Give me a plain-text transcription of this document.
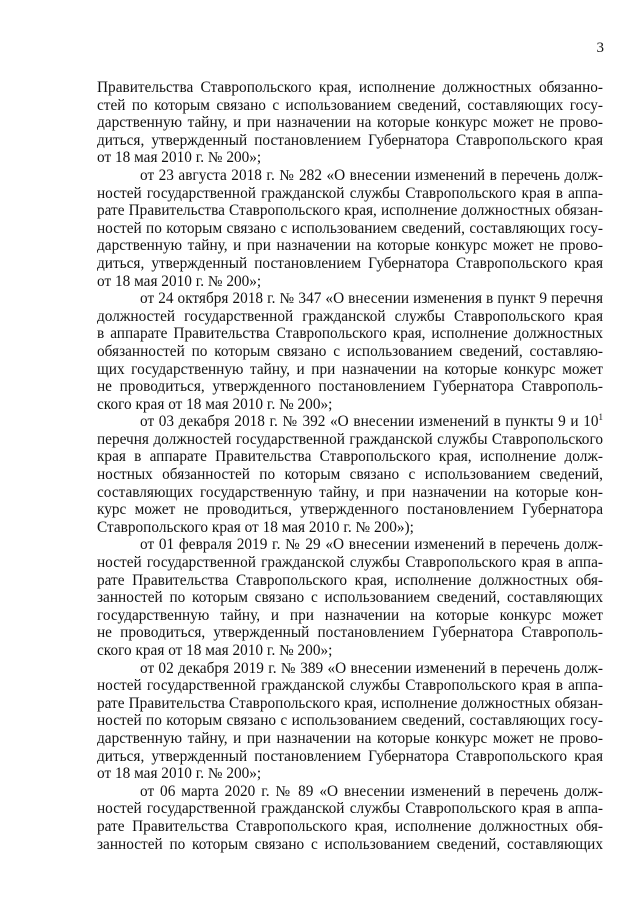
3
Правительства Ставропольского края, исполнение должностных обязанно-
стей по которым связано с использованием сведений, составляющих госу-
дарственную тайну, и при назначении на которые конкурс может не прово-
диться, утвержденный постановлением Губернатора Ставропольского края
от 18 мая 2010 г. № 200»;
от 23 августа 2018 г. № 282 «О внесении изменений в перечень долж-
ностей государственной гражданской службы Ставропольского края в аппа-
рате Правительства Ставропольского края, исполнение должностных обязан-
ностей по которым связано с использованием сведений, составляющих госу-
дарственную тайну, и при назначении на которые конкурс может не прово-
диться, утвержденный постановлением Губернатора Ставропольского края
от 18 мая 2010 г. № 200»;
от 24 октября 2018 г. № 347 «О внесении изменения в пункт 9 перечня
должностей государственной гражданской службы Ставропольского края
в аппарате Правительства Ставропольского края, исполнение должностных
обязанностей по которым связано с использованием сведений, составляю-
щих государственную тайну, и при назначении на которые конкурс может
не проводиться, утвержденного постановлением Губернатора Ставрополь-
ского края от 18 мая 2010 г. № 200»;
от 03 декабря 2018 г. № 392 «О внесении изменений в пункты 9 и $10^1$
перечня должностей государственной гражданской службы Ставропольского
края в аппарате Правительства Ставропольского края, исполнение долж-
ностных обязанностей по которым связано с использованием сведений,
составляющих государственную тайну, и при назначении на которые кон-
курс может не проводиться, утвержденного постановлением Губернатора
Ставропольского края от 18 мая 2010 г. № 200»);
от 01 февраля 2019 г. № 29 «О внесении изменений в перечень долж-
ностей государственной гражданской службы Ставропольского края в аппа-
рате Правительства Ставропольского края, исполнение должностных обя-
занностей по которым связано с использованием сведений, составляющих
государственную тайну, и при назначении на которые конкурс может
не проводиться, утвержденный постановлением Губернатора Ставрополь-
ского края от 18 мая 2010 г. № 200»;
от 02 декабря 2019 г. № 389 «О внесении изменений в перечень долж-
ностей государственной гражданской службы Ставропольского края в аппа-
рате Правительства Ставропольского края, исполнение должностных обязан-
ностей по которым связано с использованием сведений, составляющих госу-
дарственную тайну, и при назначении на которые конкурс может не прово-
диться, утвержденный постановлением Губернатора Ставропольского края
от 18 мая 2010 г. № 200»;
от 06 марта 2020 г. № 89 «О внесении изменений в перечень долж-
ностей государственной гражданской службы Ставропольского края в аппа-
рате Правительства Ставропольского края, исполнение должностных обя-
занностей по которым связано с использованием сведений, составляющих
